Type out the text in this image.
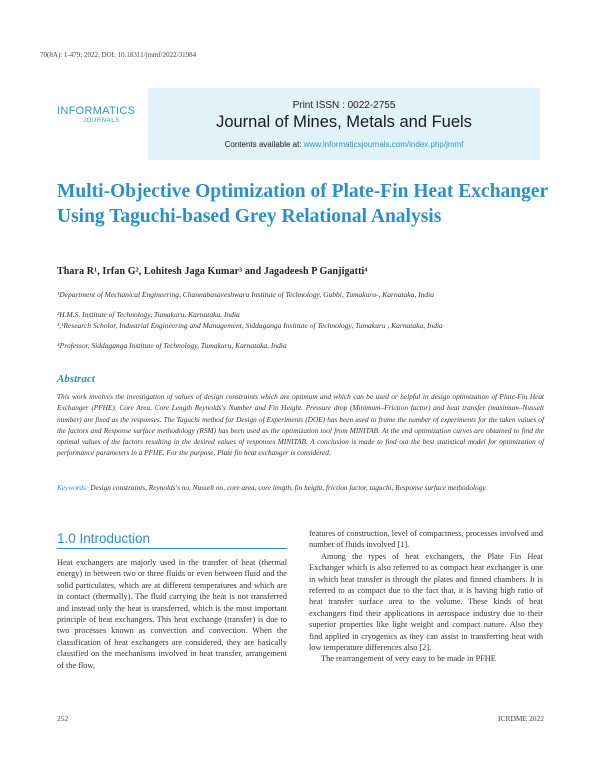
70(8A): 1-479; 2022. DOI: 10.18311/jmmf/2022/31984
INFORMATICS
JOURNALS
Print ISSN : 0022-2755
Journal of Mines, Metals and Fuels
Contents available at: www.informaticsjournals.com/index.php/jmmf
Multi-Objective Optimization of Plate-Fin Heat Exchanger Using Taguchi-based Grey Relational Analysis
Thara R¹, Irfan G², Lohitesh Jaga Kumar³ and Jagadeesh P Ganjigatti⁴
¹Department of Mechanical Engineering, Channabasaveshwara Institute of Technology, Gubbi, Tumakuru-, Karnataka, India
²H.M.S. Institute of Technology, Tumakuru, Karnataka, India
³,¹Research Scholor, Industrial Engineering and Management, Siddaganga Institute of Technology, Tumakuru , Karnataka, India
⁴Professor, Siddaganga Institute of Technology, Tumakuru, Karnataka, India
Abstract
This work involves the investigation of values of design constraints which are optimum and which can be used or helpful in design optimization of Plate-Fin Heat Exchanger (PFHE). Core Area, Core Length Reynolds's Number and Fin Height. Pressure drop (Minimum–Friction factor) and heat transfer (maximum–Nusselt number) are fixed as the responses. The Taguchi method for Design of Experiments (DOE) has been used to frame the number of experiments for the taken values of the factors and Response surface methodology (RSM) has been used as the optimization tool from MINITAB. At the end optimization curves are obtained to find the optimal values of the factors resulting in the desired values of responses MINITAB. A conclusion is made to find out the best statistical model for optimization of performance parameters in a PFHE. For the purpose, Plate fin heat exchanger is considered.
Keywords: Design constraints, Reynolds's no, Nusselt no, core area, core length, fin height, friction factor, taguchi, Response surface methodology.
1.0 Introduction

Heat exchangers are majorly used in the transfer of heat (thermal energy) in between two or three fluids or even between fluid and the solid particulates, which are at different temperatures and which are in contact (thermally). The fluid carrying the heat is not transferred and instead only the heat is transferred, which is the most important principle of heat exchangers. This heat exchange (transfer) is due to two processes known as convection and convection. When the classification of heat exchangers are considered, they are basically classified on the mechanisms involved in heat transfer, arrangement of the flow,

features of construction, level of compactness, processes involved and number of fluids involved [1].

Among the types of heat exchangers, the Plate Fin Heat Exchanger which is also referred to as compact heat exchanger is one in which heat transfer is through the plates and finned chambers. It is referred to as compact due to the fact that, it is having high ratio of heat transfer surface area to the volume. These kinds of heat exchangers find their applications in aerospace industry due to their superior properties like light weight and compact nature. Also they find applied in cryogenics as they can assist in transferring heat with low temperature differences also [2].

The rearrangement of very easy to be made in PFHE

252	ICRDME 2022
